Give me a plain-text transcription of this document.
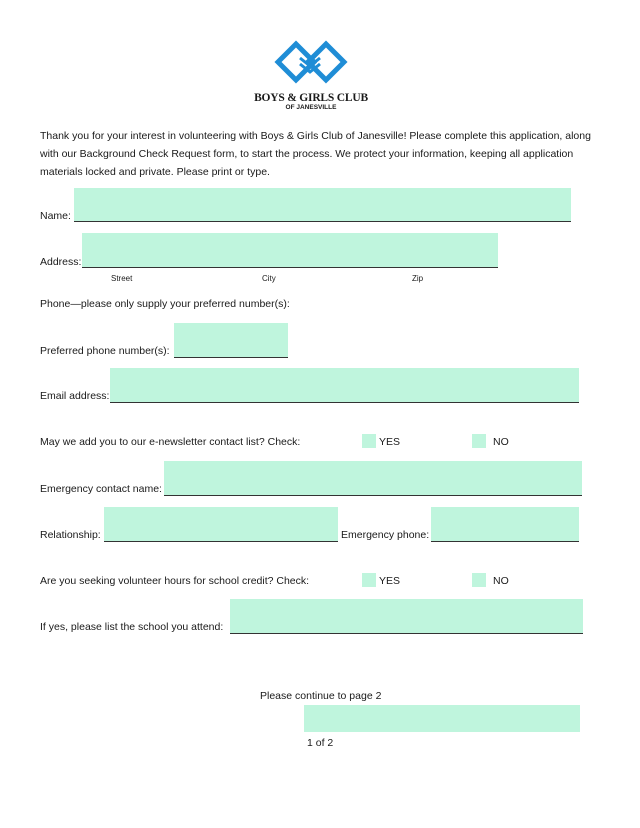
BOYS & GIRLS CLUB
OF JANESVILLE
Thank you for your interest in volunteering with Boys & Girls Club of Janesville! Please complete this application, along with our Background Check Request form, to start the process. We protect your information, keeping all application materials locked and private. Please print or type.
Name:
Address:
Street	City	Zip
Phone—please only supply your preferred number(s):
Preferred phone number(s):
Email address:
May we add you to our e-newsletter contact list? Check:	YES	NO
Emergency contact name:
Relationship:	Emergency phone:
Are you seeking volunteer hours for school credit? Check:	YES	NO
If yes, please list the school you attend:
Please continue to page 2
1 of 2
